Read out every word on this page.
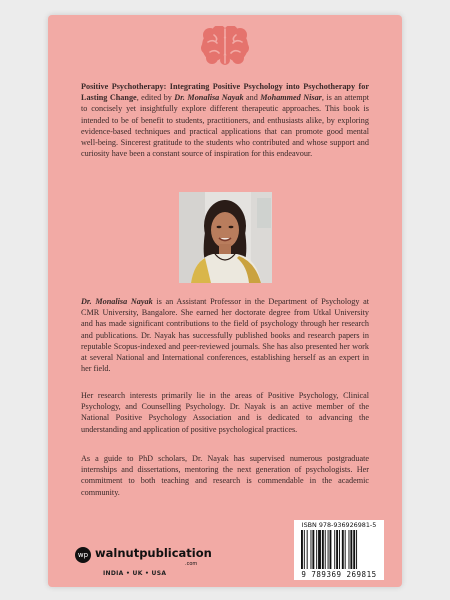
Positive Psychotherapy: Integrating Positive Psychology into Psychotherapy for Lasting Change, edited by Dr. Monalisa Nayak and Mohammed Nisar, is an attempt to concisely yet insightfully explore different therapeutic approaches. This book is intended to be of benefit to students, practitioners, and enthusiasts alike, by exploring evidence-based techniques and practical applications that can promote good mental well-being. Sincerest gratitude to the students who contributed and whose support and curiosity have been a constant source of inspiration for this endeavour.

Dr. Monalisa Nayak is an Assistant Professor in the Department of Psychology at CMR University, Bangalore. She earned her doctorate degree from Utkal University and has made significant contributions to the field of psychology through her research and publications. Dr. Nayak has successfully published books and research papers in reputable Scopus-indexed and peer-reviewed journals. She has also presented her work at several National and International conferences, establishing herself as an expert in her field.

Her research interests primarily lie in the areas of Positive Psychology, Clinical Psychology, and Counselling Psychology. Dr. Nayak is an active member of the National Positive Psychology Association and is dedicated to advancing the understanding and application of positive psychological practices.

As a guide to PhD scholars, Dr. Nayak has supervised numerous postgraduate internships and dissertations, mentoring the next generation of psychologists. Her commitment to both teaching and research is commendable in the academic community.

wp walnutpublication
.com
INDIA • UK • USA
ISBN 978-936926981-5
9 789369 269815
